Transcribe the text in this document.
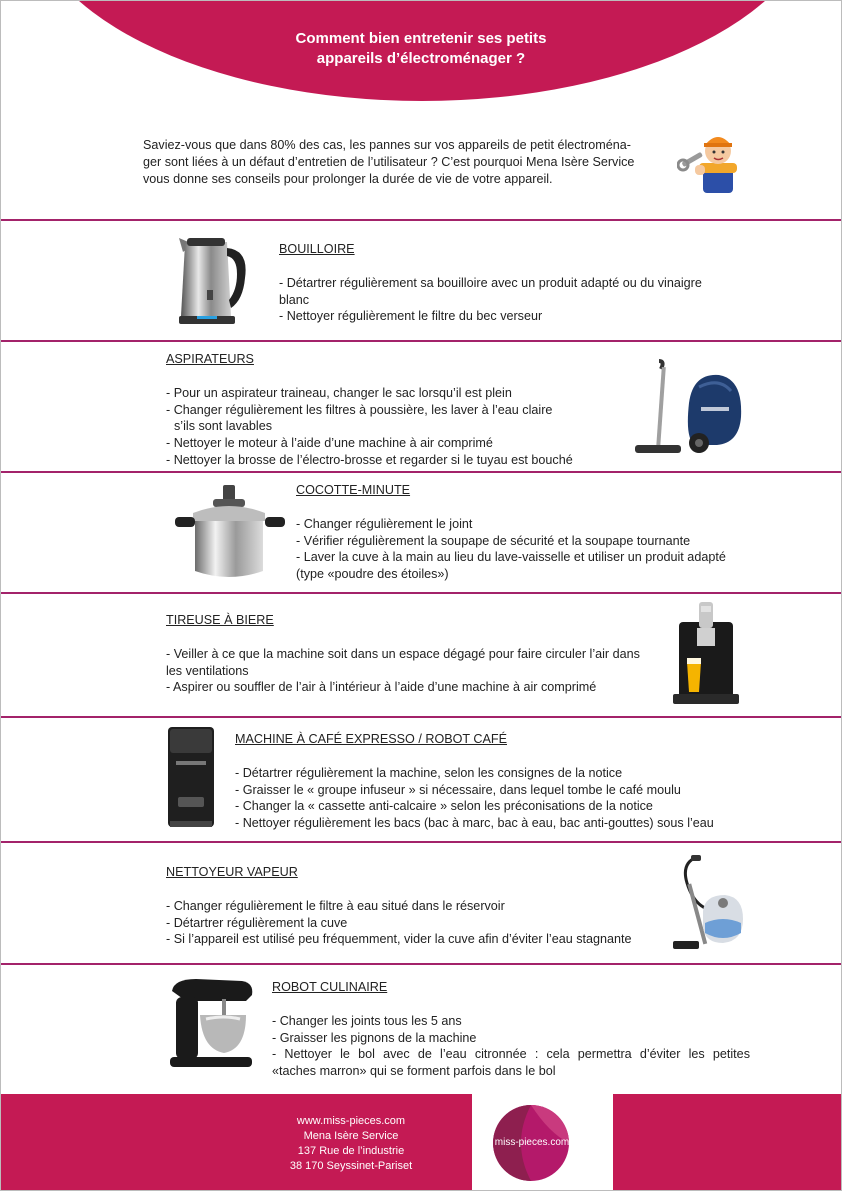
Comment bien entretenir ses petits
appareils d’électroménager ?
Saviez-vous que dans 80% des cas, les pannes sur vos appareils de petit électroména-
ger sont liées à un défaut d’entretien de l’utilisateur ? C’est pourquoi Mena Isère Service
vous donne ses conseils pour prolonger la durée de vie de votre appareil.
BOUILLOIRE
- Détartrer régulièrement sa bouilloire avec un produit adapté ou du vinaigre
blanc
- Nettoyer régulièrement le filtre du bec verseur
ASPIRATEURS
- Pour un aspirateur traineau, changer le sac lorsqu’il est plein
- Changer régulièrement les filtres à poussière, les laver à l’eau claire
s’ils sont lavables
- Nettoyer le moteur à l’aide d’une machine à air comprimé
- Nettoyer la brosse de l’électro-brosse et regarder si le tuyau est bouché
COCOTTE-MINUTE
- Changer régulièrement le joint
- Vérifier régulièrement la soupape de sécurité et la soupape tournante
- Laver la cuve à la main au lieu du lave-vaisselle et utiliser un produit adapté
(type «poudre des étoiles»)
TIREUSE À BIERE
- Veiller à ce que la machine soit dans un espace dégagé pour faire circuler l’air dans
les ventilations
- Aspirer ou souffler de l’air à l’intérieur à l’aide d’une machine à air comprimé
MACHINE À CAFÉ EXPRESSO / ROBOT CAFÉ
- Détartrer régulièrement la machine, selon les consignes de la notice
- Graisser le « groupe infuseur » si nécessaire, dans lequel tombe le café moulu
- Changer la « cassette anti-calcaire » selon les préconisations de la notice
- Nettoyer régulièrement les bacs (bac à marc, bac à eau, bac anti-gouttes) sous l’eau
NETTOYEUR VAPEUR
- Changer régulièrement le filtre à eau situé dans le réservoir
- Détartrer régulièrement la cuve
- Si l’appareil est utilisé peu fréquemment, vider la cuve afin d’éviter l’eau stagnante
ROBOT CULINAIRE
- Changer les joints tous les 5 ans
- Graisser les pignons de la machine
- Nettoyer le bol avec de l’eau citronnée : cela permettra d’éviter les petites
«taches marron» qui se forment parfois dans le bol
www.miss-pieces.com
Mena Isère Service
137 Rue de l’industrie
38 170 Seyssinet-Pariset
miss-pieces.com
